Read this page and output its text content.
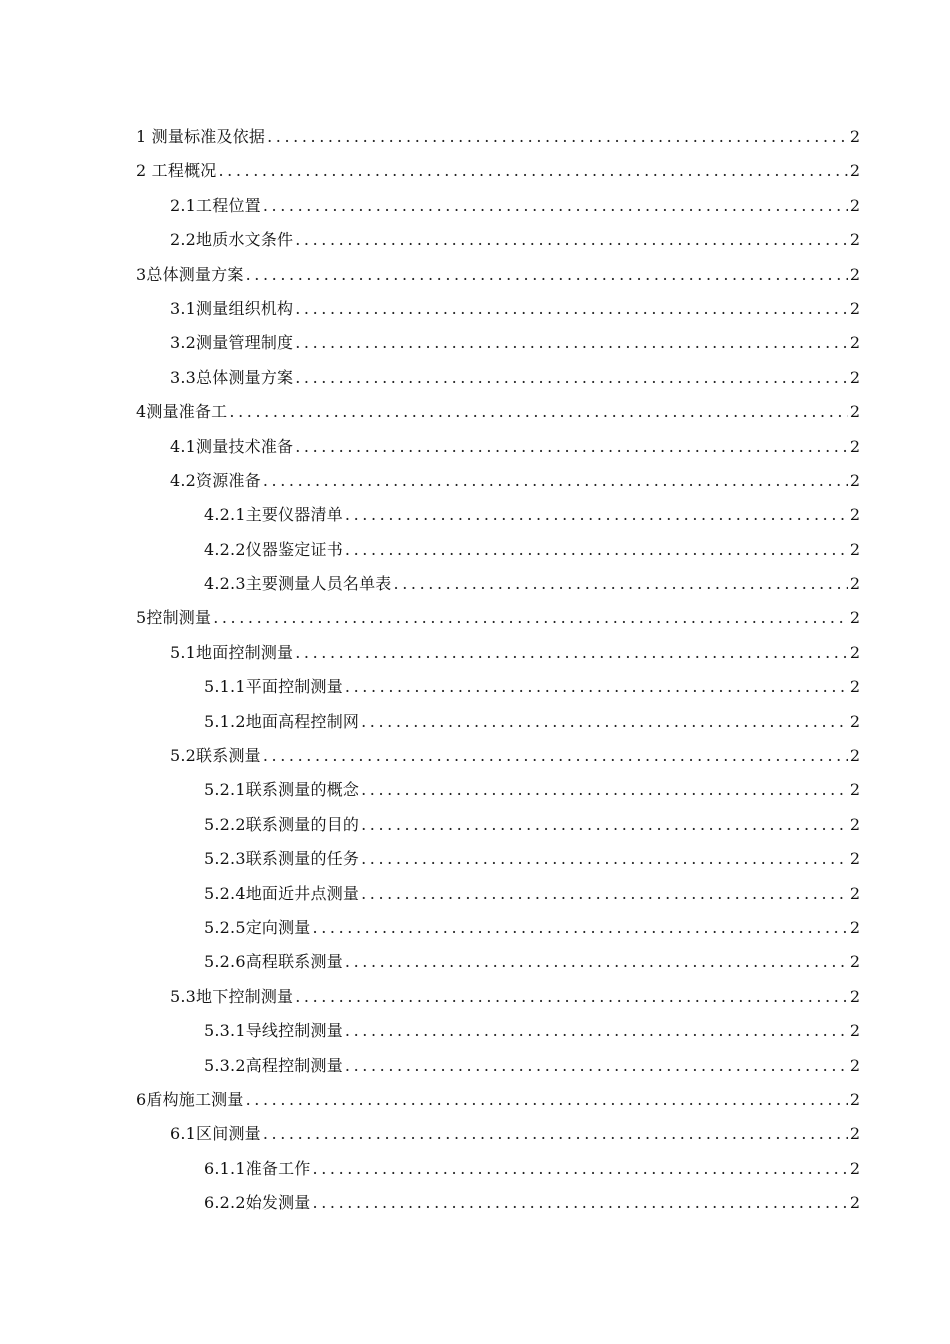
1 测量标准及依据 .....	2
2 工程概况 .....	2
2.1工程位置 .....	2
2.2地质水文条件 .....	2
3总体测量方案 .....	2
3.1测量组织机构 .....	2
3.2测量管理制度 .....	2
3.3总体测量方案 .....	2
4测量准备工 .....	2
4.1测量技术准备 .....	2
4.2资源准备 .....	2
4.2.1主要仪器清单 .....	2
4.2.2仪器鉴定证书 .....	2
4.2.3主要测量人员名单表 .....	2
5控制测量 .....	2
5.1地面控制测量 .....	2
5.1.1平面控制测量 .....	2
5.1.2地面高程控制网 .....	2
5.2联系测量 .....	2
5.2.1联系测量的概念 .....	2
5.2.2联系测量的目的 .....	2
5.2.3联系测量的任务 .....	2
5.2.4地面近井点测量 .....	2
5.2.5定向测量 .....	2
5.2.6高程联系测量 .....	2
5.3地下控制测量 .....	2
5.3.1导线控制测量 .....	2
5.3.2高程控制测量 .....	2
6盾构施工测量 .....	2
6.1区间测量 .....	2
6.1.1准备工作 .....	2
6.2.2始发测量 .....	2
